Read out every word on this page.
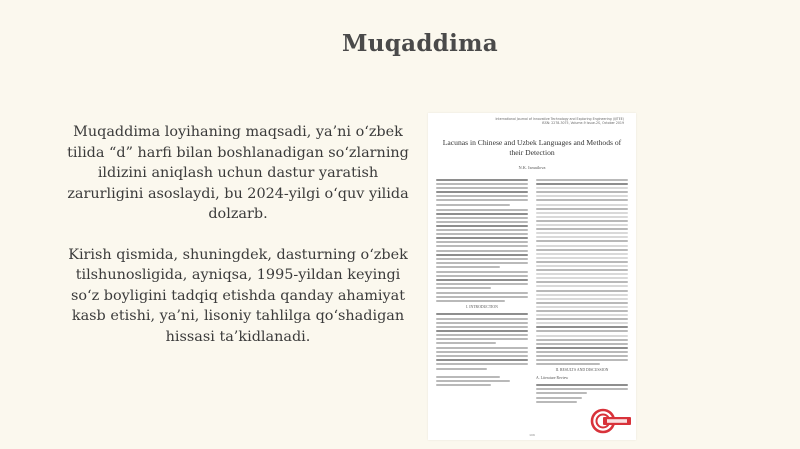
Muqaddima

Muqaddima loyihaning maqsadi, ya’ni o‘zbek tilida “d” harfi bilan boshlanadigan so‘zlarning ildizini aniqlash uchun dastur yaratish zarurligini asoslaydi, bu 2024-yilgi o‘quv yilida dolzarb.

Kirish qismida, shuningdek, dasturning o‘zbek tilshunosligida, ayniqsa, 1995-yildan keyingi so‘z boyligini tadqiq etishda qanday ahamiyat kasb etishi, ya’ni, lisoniy tahlilga qo‘shadigan hissasi ta’kidlanadi.

International Journal of Innovative Technology and Exploring Engineering (IJITEE)
ISSN: 2278-3075, Volume-9 Issue-2S, October 2019
Lacunas in Chinese and Uzbek Languages and Methods of their Detection
N.K. Ismailova
I. INTRODUCTION
II. RESULTS AND DISCUSSION
A. Literature Review
106
